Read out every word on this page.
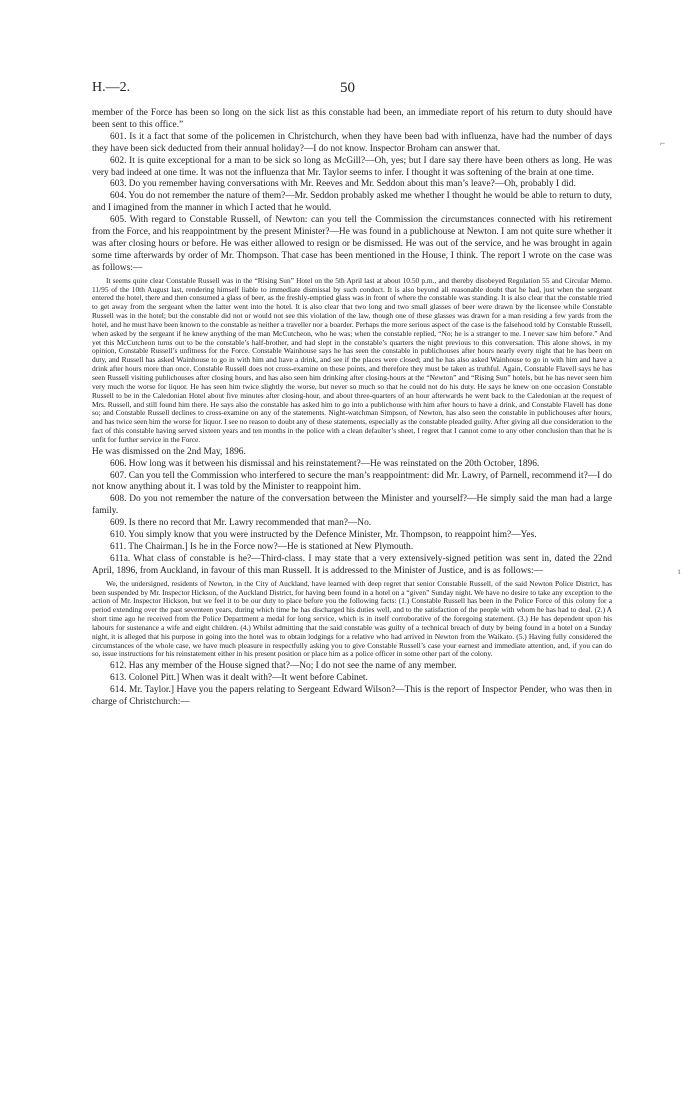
H.—2.	50
⌐
ι

member of the Force has been so long on the sick list as this constable had been, an immediate report of his return to duty should have been sent to this office.”

601. Is it a fact that some of the policemen in Christchurch, when they have been bad with influenza, have had the number of days they have been sick deducted from their annual holiday?—I do not know. Inspector Broham can answer that.

602. It is quite exceptional for a man to be sick so long as McGill?—Oh, yes; but I dare say there have been others as long. He was very bad indeed at one time. It was not the influenza that Mr. Taylor seems to infer. I thought it was softening of the brain at one time.

603. Do you remember having conversations with Mr. Reeves and Mr. Seddon about this man’s leave?—Oh, probably I did.

604. You do not remember the nature of them?—Mr. Seddon probably asked me whether I thought he would be able to return to duty, and I imagined from the manner in which I acted that he would.

605. With regard to Constable Russell, of Newton: can you tell the Commission the circumstances connected with his retirement from the Force, and his reappointment by the present Minister?—He was found in a publichouse at Newton. I am not quite sure whether it was after closing hours or before. He was either allowed to resign or be dismissed. He was out of the service, and he was brought in again some time afterwards by order of Mr. Thompson. That case has been mentioned in the House, I think. The report I wrote on the case was as follows:—

It seems quite clear Constable Russell was in the “Rising Sun” Hotel on the 5th April last at about 10.50 p.m., and thereby disobeyed Regulation 55 and Circular Memo. 11/95 of the 10th August last, rendering himself liable to immediate dismissal by such conduct. It is also beyond all reasonable doubt that he had, just when the sergeant entered the hotel, there and then consumed a glass of beer, as the freshly-emptied glass was in front of where the constable was standing. It is also clear that the constable tried to get away from the sergeant when the latter went into the hotel. It is also clear that two long and two small glasses of beer were drawn by the licensee while Constable Russell was in the hotel; but the constable did not or would not see this violation of the law, though one of these glasses was drawn for a man residing a few yards from the hotel, and he must have been known to the constable as neither a traveller nor a boarder. Perhaps the more serious aspect of the case is the falsehood told by Constable Russell, when asked by the sergeant if he knew anything of the man McCutcheon, who he was; when the constable replied, “No; he is a stranger to me. I never saw him before.” And yet this McCutcheon turns out to be the constable’s half-brother, and had slept in the constable’s quarters the night previous to this conversation. This alone shows, in my opinion, Constable Russell’s unfitness for the Force. Constable Wainhouse says he has seen the constable in publichouses after hours nearly every night that he has been on duty, and Russell has asked Wainhouse to go in with him and have a drink, and see if the places were closed; and he has also asked Wainhouse to go in with him and have a drink after hours more than once. Constable Russell does not cross-examine on these points, and therefore they must be taken as truthful. Again, Constable Flavell says he has seen Russell visiting publichouses after closing hours, and has also seen him drinking after closing-hours at the “Newton” and “Rising Sun” hotels, but he has never seen him very much the worse for liquor. He has seen him twice slightly the worse, but never so much so that he could not do his duty. He says he knew on one occasion Constable Russell to be in the Caledonian Hotel about five minutes after closing-hour, and about three-quarters of an hour afterwards he went back to the Caledonian at the request of Mrs. Russell, and still found him there. He says also the constable has asked him to go into a publichouse with him after hours to have a drink, and Constable Flavell has done so; and Constable Russell declines to cross-examine on any of the statements. Night-watchman Simpson, of Newton, has also seen the constable in publichouses after hours, and has twice seen him the worse for liquor. I see no reason to doubt any of these statements, especially as the constable pleaded guilty. After giving all due consideration to the fact of this constable having served sixteen years and ten months in the police with a clean defaulter’s sheet, I regret that I cannot come to any other conclusion than that he is unfit for further service in the Force.

He was dismissed on the 2nd May, 1896.

606. How long was it between his dismissal and his reinstatement?—He was reinstated on the 20th October, 1896.

607. Can you tell the Commission who interfered to secure the man’s reappointment: did Mr. Lawry, of Parnell, recommend it?—I do not know anything about it. I was told by the Minister to reappoint him.

608. Do you not remember the nature of the conversation between the Minister and yourself?—He simply said the man had a large family.

609. Is there no record that Mr. Lawry recommended that man?—No.

610. You simply know that you were instructed by the Defence Minister, Mr. Thompson, to reappoint him?—Yes.

611. The Chairman.] Is he in the Force now?—He is stationed at New Plymouth.

611a. What class of constable is he?—Third-class. I may state that a very extensively-signed petition was sent in, dated the 22nd April, 1896, from Auckland, in favour of this man Russell. It is addressed to the Minister of Justice, and is as follows:—

We, the undersigned, residents of Newton, in the City of Auckland, have learned with deep regret that senior Constable Russell, of the said Newton Police District, has been suspended by Mr. Inspector Hickson, of the Auckland District, for having been found in a hotel on a “given” Sunday night. We have no desire to take any exception to the action of Mr. Inspector Hickson, but we feel it to be our duty to place before you the following facts: (1.) Constable Russell has been in the Police Force of this colony for a period extending over the past seventeen years, during which time he has discharged his duties well, and to the satisfaction of the people with whom he has had to deal. (2.) A short time ago he received from the Police Department a medal for long service, which is in itself corroborative of the foregoing statement. (3.) He has dependent upon his labours for sustenance a wife and eight children. (4.) Whilst admitting that the said constable was guilty of a technical breach of duty by being found in a hotel on a Sunday night, it is alleged that his purpose in going into the hotel was to obtain lodgings for a relative who had arrived in Newton from the Waikato. (5.) Having fully considered the circumstances of the whole case, we have much pleasure in respectfully asking you to give Constable Russell’s case your earnest and immediate attention, and, if you can do so, issue instructions for his reinstatement either in his present position or place him as a police officer in some other part of the colony.

612. Has any member of the House signed that?—No; I do not see the name of any member.

613. Colonel Pitt.] When was it dealt with?—It went before Cabinet.

614. Mr. Taylor.] Have you the papers relating to Sergeant Edward Wilson?—This is the report of Inspector Pender, who was then in charge of Christchurch:—
